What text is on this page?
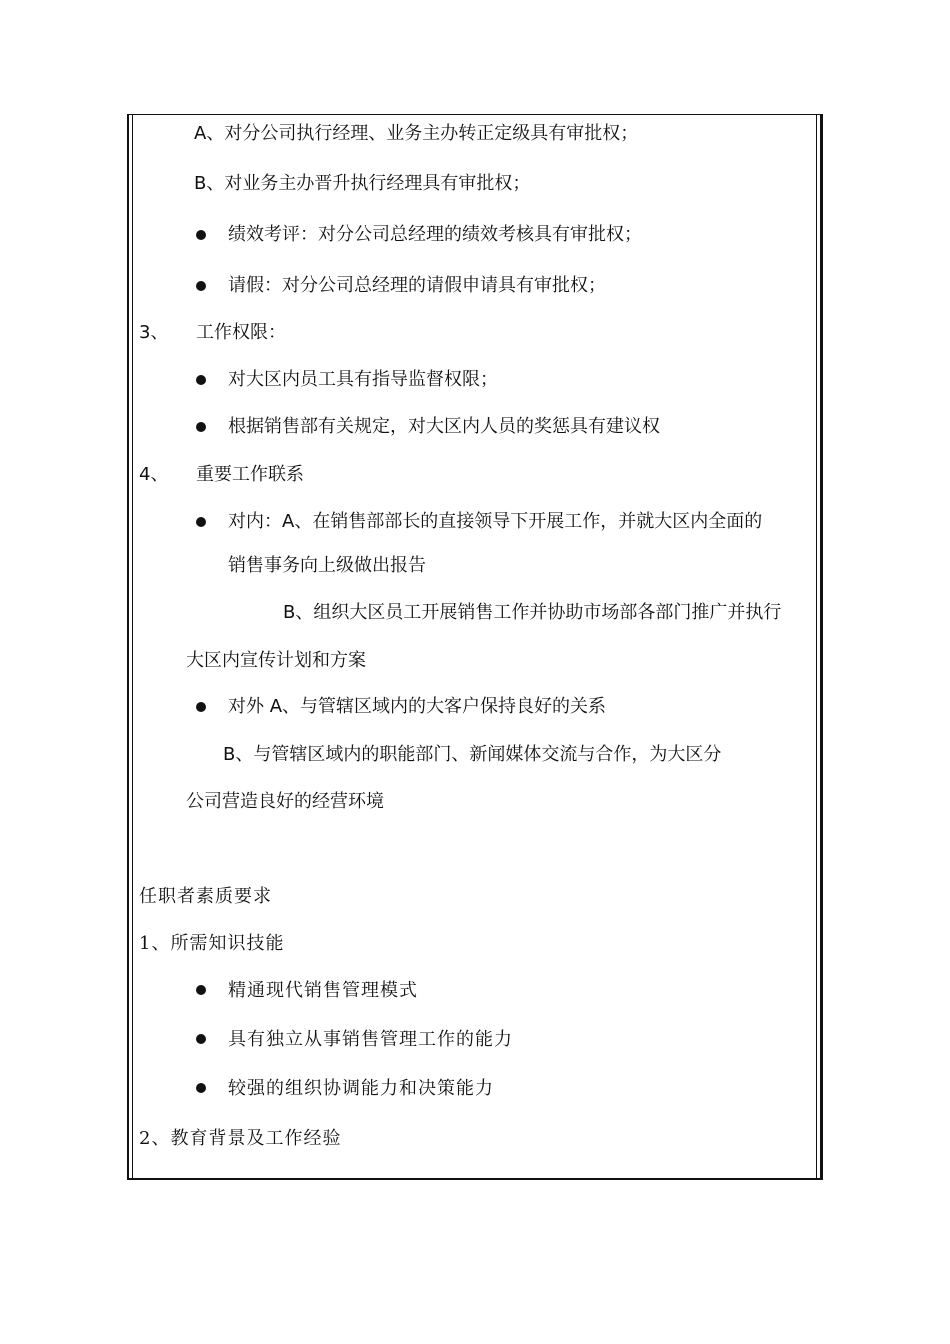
A、对分公司执行经理、业务主办转正定级具有审批权；
B、对业务主办晋升执行经理具有审批权；
绩效考评：对分公司总经理的绩效考核具有审批权；
请假：对分公司总经理的请假申请具有审批权；
3、 工作权限：
对大区内员工具有指导监督权限；
根据销售部有关规定，对大区内人员的奖惩具有建议权
4、 重要工作联系
对内：A、在销售部部长的直接领导下开展工作，并就大区内全面的
销售事务向上级做出报告
B、组织大区员工开展销售工作并协助市场部各部门推广并执行
大区内宣传计划和方案
对外 A、与管辖区域内的大客户保持良好的关系
B、与管辖区域内的职能部门、新闻媒体交流与合作，为大区分
公司营造良好的经营环境
任职者素质要求
1、所需知识技能
精通现代销售管理模式
具有独立从事销售管理工作的能力
较强的组织协调能力和决策能力
2、教育背景及工作经验
